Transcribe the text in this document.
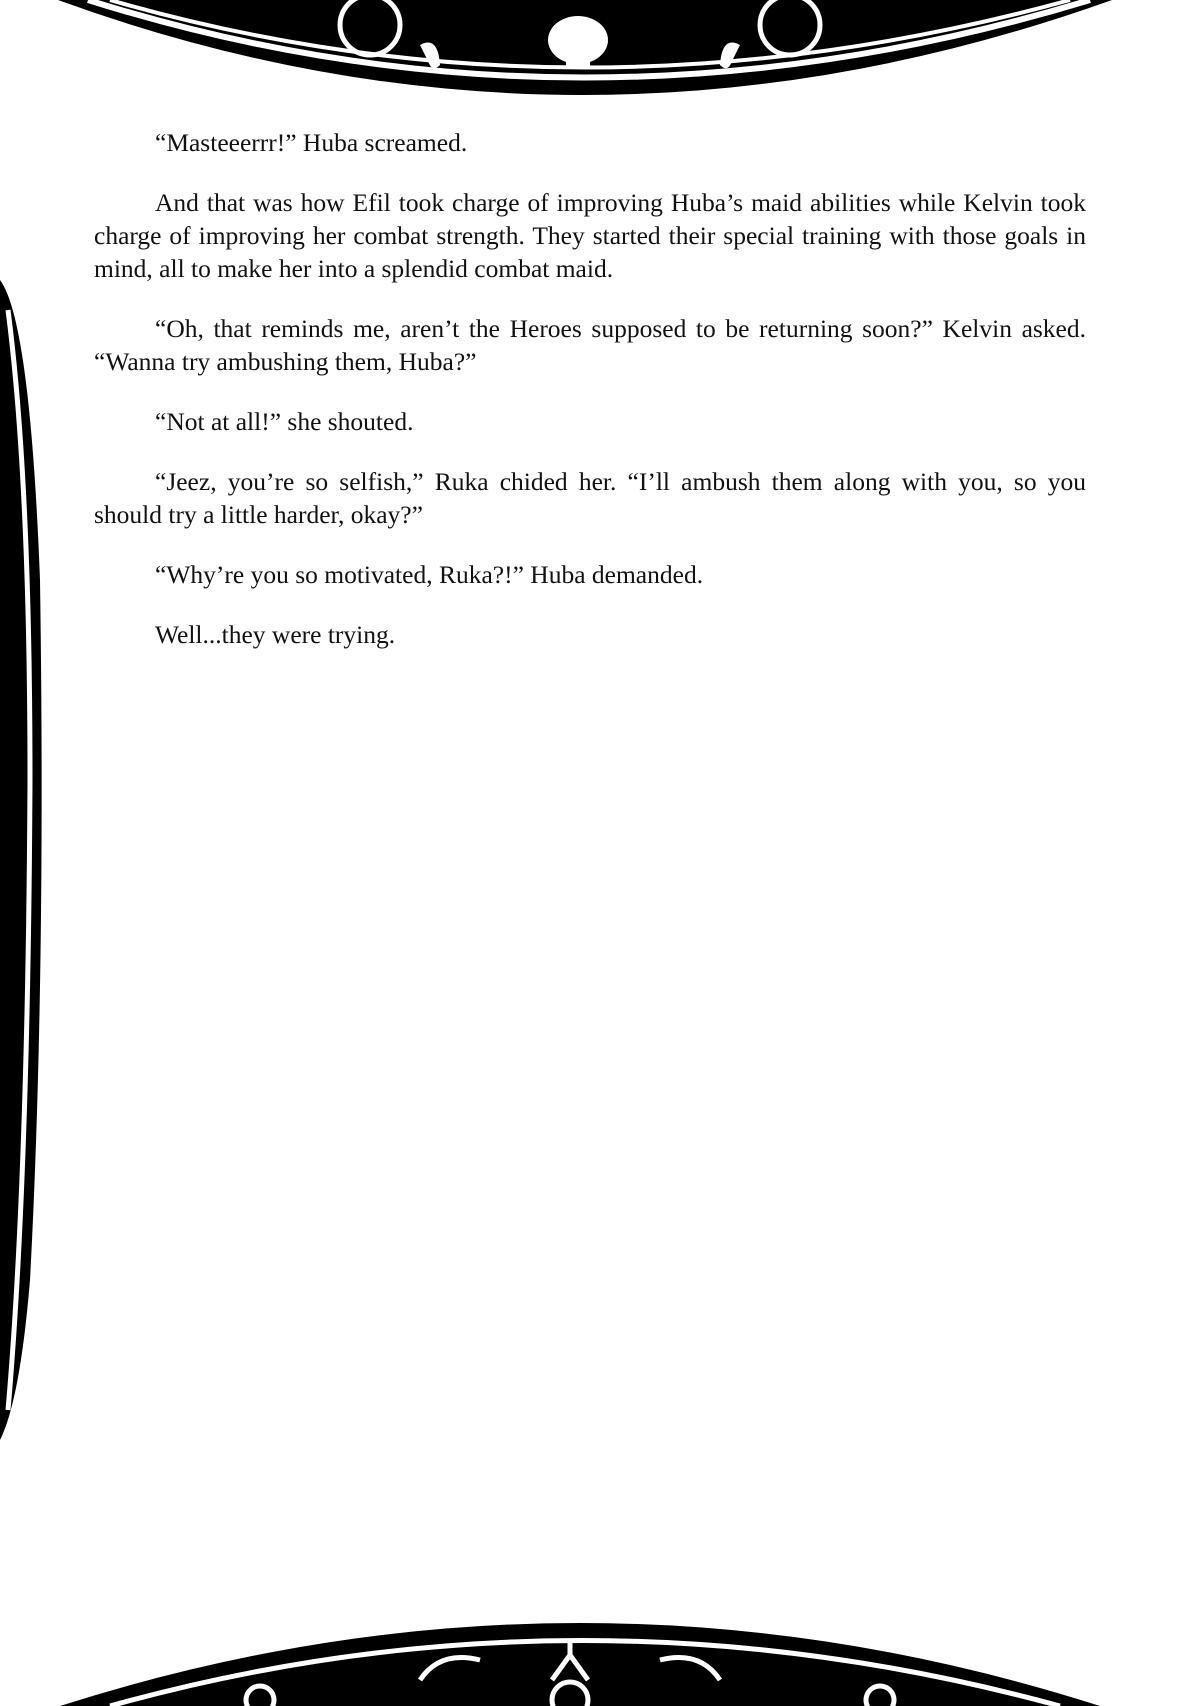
“Masteeerrr!” Huba screamed.

And that was how Efil took charge of improving Huba’s maid abilities while Kelvin took charge of improving her combat strength. They started their special training with those goals in mind, all to make her into a splendid combat maid.

“Oh, that reminds me, aren’t the Heroes supposed to be returning soon?” Kelvin asked. “Wanna try ambushing them, Huba?”

“Not at all!” she shouted.

“Jeez, you’re so selfish,” Ruka chided her. “I’ll ambush them along with you, so you should try a little harder, okay?”

“Why’re you so motivated, Ruka?!” Huba demanded.

Well...they were trying.
